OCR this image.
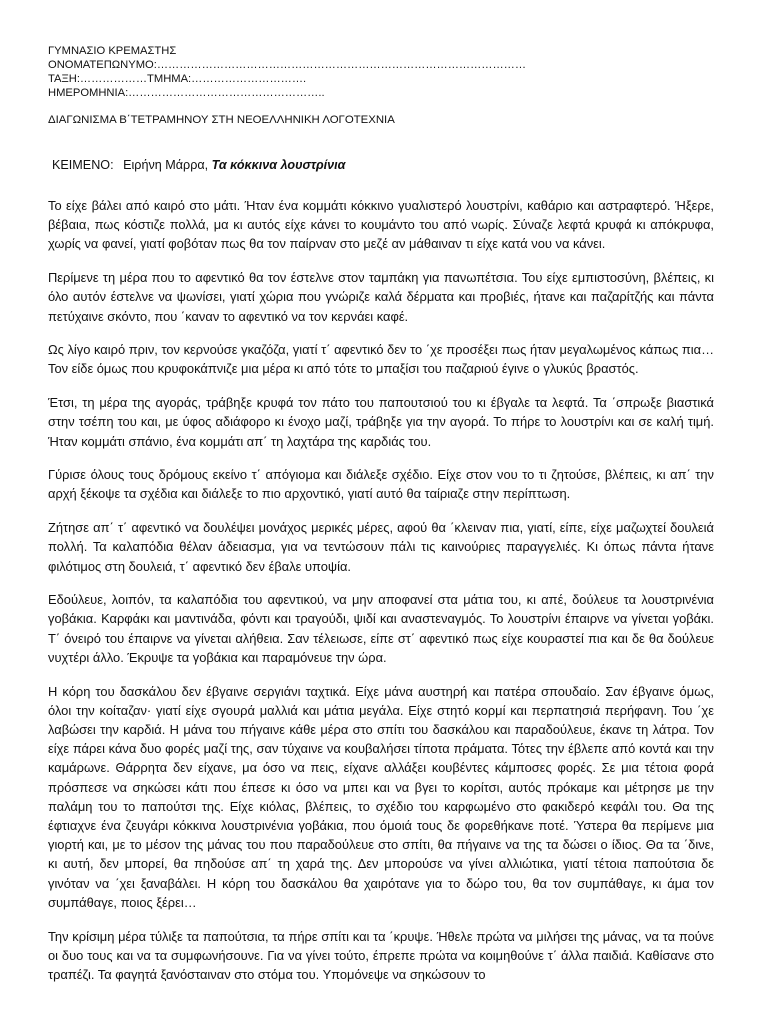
ΓΥΜΝΑΣΙΟ ΚΡΕΜΑΣΤΗΣ
ΟΝΟΜΑΤΕΠΩΝΥΜΟ:………………………………………………………………………………………
ΤΑΞΗ:………………ΤΜΗΜΑ:………………………….
ΗΜΕΡΟΜΗΝΙΑ:……………………………………………..
ΔΙΑΓΩΝΙΣΜΑ Β΄ΤΕΤΡΑΜΗΝΟΥ ΣΤΗ ΝΕΟΕΛΛΗΝΙΚΗ ΛΟΓΟΤΕΧΝΙΑ
ΚΕΙΜΕΝΟ: Ειρήνη Μάρρα, Τα κόκκινα λουστρίνια

Το είχε βάλει από καιρό στο μάτι. Ήταν ένα κομμάτι κόκκινο γυαλιστερό λουστρίνι, καθάριο και αστραφτερό. Ήξερε, βέβαια, πως κόστιζε πολλά, μα κι αυτός είχε κάνει το κουμάντο του από νωρίς. Σύναζε λεφτά κρυφά κι απόκρυφα, χωρίς να φανεί, γιατί φοβόταν πως θα τον παίρναν στο μεζέ αν μάθαιναν τι είχε κατά νου να κάνει.

Περίμενε τη μέρα που το αφεντικό θα τον έστελνε στον ταμπάκη για πανωπέτσια. Του είχε εμπιστοσύνη, βλέπεις, κι όλο αυτόν έστελνε να ψωνίσει, γιατί χώρια που γνώριζε καλά δέρματα και προβιές, ήτανε και παζαρίτζής και πάντα πετύχαινε σκόντο, που ΄καναν το αφεντικό να τον κερνάει καφέ.

Ως λίγο καιρό πριν, τον κερνούσε γκαζόζα, γιατί τ΄ αφεντικό δεν το ΄χε προσέξει πως ήταν μεγαλωμένος κάπως πια… Τον είδε όμως που κρυφοκάπνιζε μια μέρα κι από τότε το μπαξίσι του παζαριού έγινε ο γλυκύς βραστός.

Έτσι, τη μέρα της αγοράς, τράβηξε κρυφά τον πάτο του παπουτσιού του κι έβγαλε τα λεφτά. Τα ΄σπρωξε βιαστικά στην τσέπη του και, με ύφος αδιάφορο κι ένοχο μαζί, τράβηξε για την αγορά. Το πήρε το λουστρίνι και σε καλή τιμή. Ήταν κομμάτι σπάνιο, ένα κομμάτι απ΄ τη λαχτάρα της καρδιάς του.

Γύρισε όλους τους δρόμους εκείνο τ΄ απόγιομα και διάλεξε σχέδιο. Είχε στον νου το τι ζητούσε, βλέπεις, κι απ΄ την αρχή ξέκοψε τα σχέδια και διάλεξε το πιο αρχοντικό, γιατί αυτό θα ταίριαζε στην περίπτωση.

Ζήτησε απ΄ τ΄ αφεντικό να δουλέψει μονάχος μερικές μέρες, αφού θα ΄κλειναν πια, γιατί, είπε, είχε μαζωχτεί δουλειά πολλή. Τα καλαπόδια θέλαν άδειασμα, για να τεντώσουν πάλι τις καινούριες παραγγελιές. Κι όπως πάντα ήτανε φιλότιμος στη δουλειά, τ΄ αφεντικό δεν έβαλε υποψία.

Εδούλευε, λοιπόν, τα καλαπόδια του αφεντικού, να μην αποφανεί στα μάτια του, κι απέ, δούλευε τα λουστρινένια γοβάκια. Καρφάκι και μαντινάδα, φόντι και τραγούδι, ψιδί και αναστεναγμός. Το λουστρίνι έπαιρνε να γίνεται γοβάκι. Τ΄ όνειρό του έπαιρνε να γίνεται αλήθεια. Σαν τέλειωσε, είπε στ΄ αφεντικό πως είχε κουραστεί πια και δε θα δούλευε νυχτέρι άλλο. Έκρυψε τα γοβάκια και παραμόνευε την ώρα.

Η κόρη του δασκάλου δεν έβγαινε σεργιάνι ταχτικά. Είχε μάνα αυστηρή και πατέρα σπουδαίο. Σαν έβγαινε όμως, όλοι την κοίταζαν· γιατί είχε σγουρά μαλλιά και μάτια μεγάλα. Είχε στητό κορμί και περπατησιά περήφανη. Του ΄χε λαβώσει την καρδιά. Η μάνα του πήγαινε κάθε μέρα στο σπίτι του δασκάλου και παραδούλευε, έκανε τη λάτρα. Τον είχε πάρει κάνα δυο φορές μαζί της, σαν τύχαινε να κουβαλήσει τίποτα πράματα. Τότες την έβλεπε από κοντά και την καμάρωνε. Θάρρητα δεν είχανε, μα όσο να πεις, είχανε αλλάξει κουβέντες κάμποσες φορές. Σε μια τέτοια φορά πρόσπεσε να σηκώσει κάτι που έπεσε κι όσο να μπει και να βγει το κορίτσι, αυτός πρόκαμε και μέτρησε με την παλάμη του το παπούτσι της. Είχε κιόλας, βλέπεις, το σχέδιο του καρφωμένο στο φακιδερό κεφάλι του. Θα της έφτιαχνε ένα ζευγάρι κόκκινα λουστρινένια γοβάκια, που όμοιά τους δε φορεθήκανε ποτέ. Ύστερα θα περίμενε μια γιορτή και, με το μέσον της μάνας του που παραδούλευε στο σπίτι, θα πήγαινε να της τα δώσει ο ίδιος. Θα τα ΄δινε, κι αυτή, δεν μπορεί, θα πηδούσε απ΄ τη χαρά της. Δεν μπορούσε να γίνει αλλιώτικα, γιατί τέτοια παπούτσια δε γινόταν να ΄χει ξαναβάλει. Η κόρη του δασκάλου θα χαιρότανε για το δώρο του, θα τον συμπάθαγε, κι άμα τον συμπάθαγε, ποιος ξέρει…

Την κρίσιμη μέρα τύλιξε τα παπούτσια, τα πήρε σπίτι και τα ΄κρυψε. Ήθελε πρώτα να μιλήσει της μάνας, να τα πούνε οι δυο τους και να τα συμφωνήσουνε. Για να γίνει τούτο, έπρεπε πρώτα να κοιμηθούνε τ΄ άλλα παιδιά. Καθίσανε στο τραπέζι. Τα φαγητά ξανόσταιναν στο στόμα του. Υπομόνεψε να σηκώσουν το
